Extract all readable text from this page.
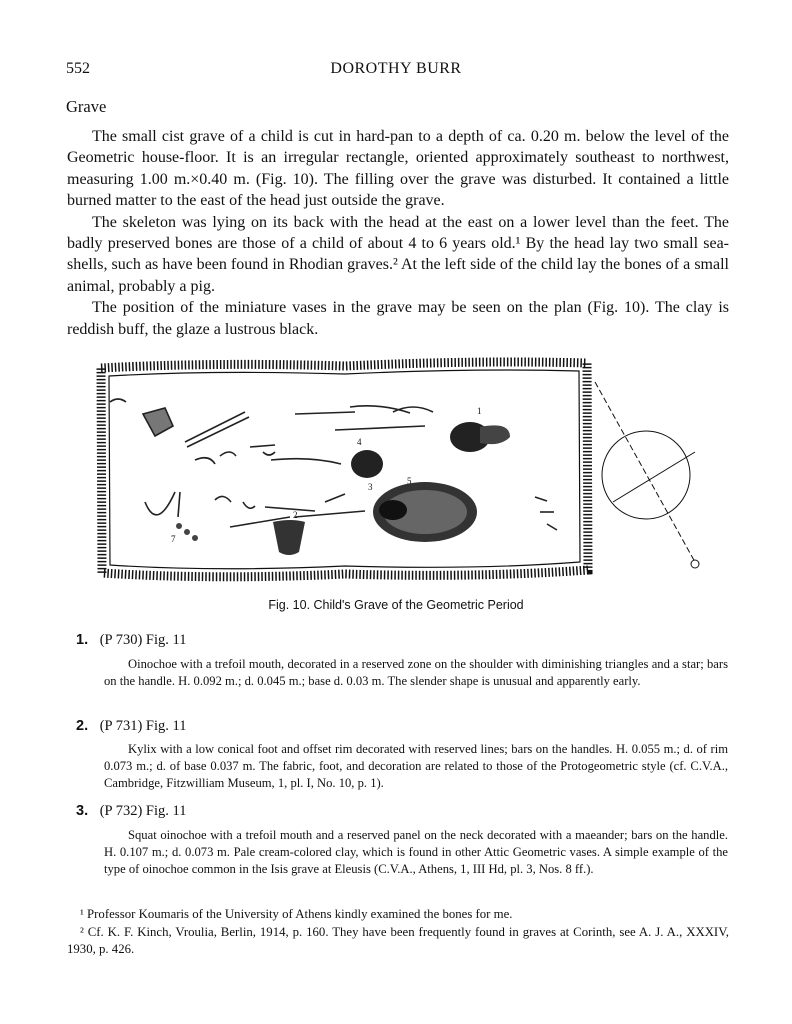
552	DOROTHY BURR
Grave

The small cist grave of a child is cut in hard-pan to a depth of ca. 0.20 m. below the level of the Geometric house-floor. It is an irregular rectangle, oriented approximately southeast to northwest, measuring 1.00 m.×0.40 m. (Fig. 10). The filling over the grave was disturbed. It contained a little burned matter to the east of the head just outside the grave.

The skeleton was lying on its back with the head at the east on a lower level than the feet. The badly preserved bones are those of a child of about 4 to 6 years old.¹ By the head lay two small sea-shells, such as have been found in Rhodian graves.² At the left side of the child lay the bones of a small animal, probably a pig.

The position of the miniature vases in the grave may be seen on the plan (Fig. 10). The clay is reddish buff, the glaze a lustrous black.

1
2
3
4
5
7
Fig. 10. Child's Grave of the Geometric Period
1. (P 730) Fig. 11

Oinochoe with a trefoil mouth, decorated in a reserved zone on the shoulder with diminishing triangles and a star; bars on the handle. H. 0.092 m.; d. 0.045 m.; base d. 0.03 m. The slender shape is unusual and apparently early.

2. (P 731) Fig. 11

Kylix with a low conical foot and offset rim decorated with reserved lines; bars on the handles. H. 0.055 m.; d. of rim 0.073 m.; d. of base 0.037 m. The fabric, foot, and decoration are related to those of the Protogeometric style (cf. C.V.A., Cambridge, Fitzwilliam Museum, 1, pl. I, No. 10, p. 1).

3. (P 732) Fig. 11

Squat oinochoe with a trefoil mouth and a reserved panel on the neck decorated with a maeander; bars on the handle. H. 0.107 m.; d. 0.073 m. Pale cream-colored clay, which is found in other Attic Geometric vases. A simple example of the type of oinochoe common in the Isis grave at Eleusis (C.V.A., Athens, 1, III Hd, pl. 3, Nos. 8 ff.).

¹ Professor Koumaris of the University of Athens kindly examined the bones for me.

² Cf. K. F. Kinch, Vroulia, Berlin, 1914, p. 160. They have been frequently found in graves at Corinth, see A. J. A., XXXIV, 1930, p. 426.
